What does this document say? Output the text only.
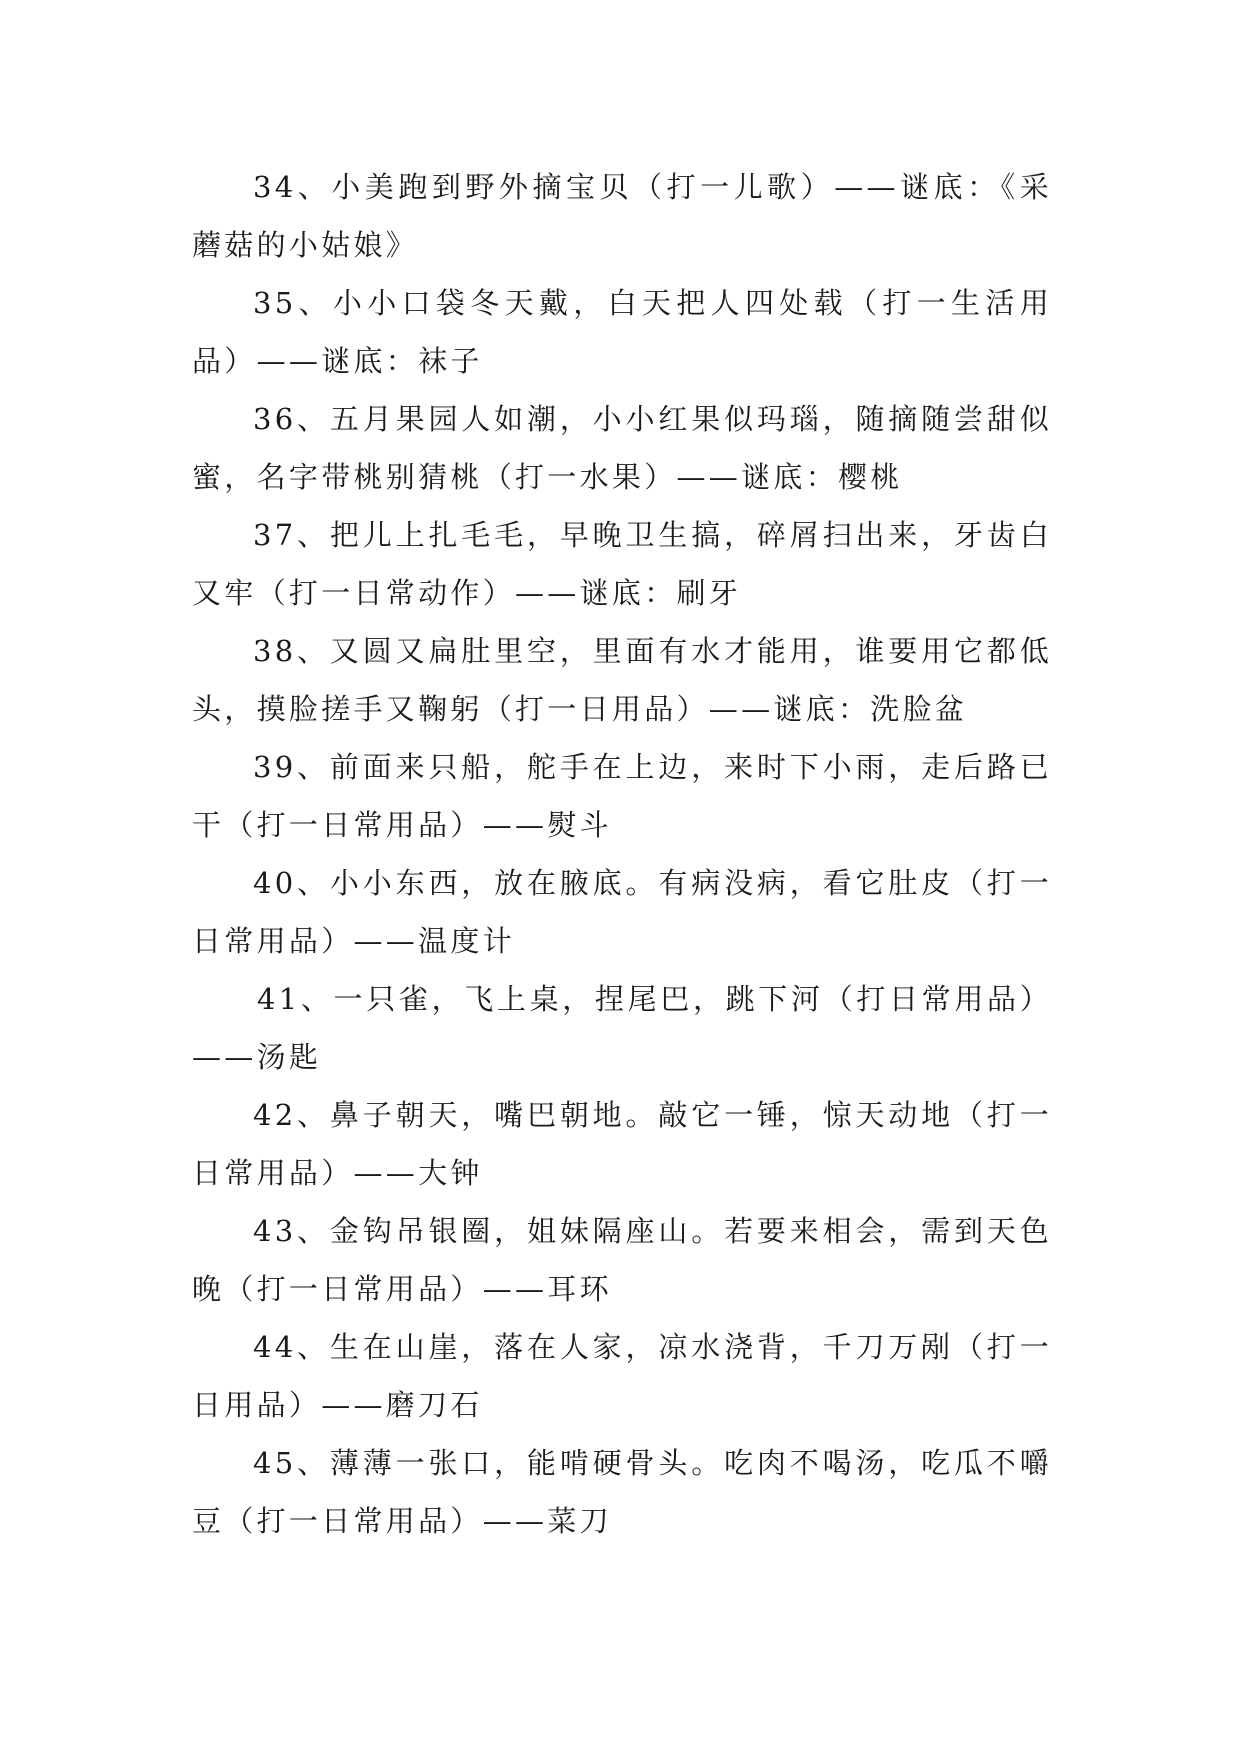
34、小美跑到野外摘宝贝（打一儿歌）——谜底：《采蘑菇的小姑娘》

35、小小口袋冬天戴，白天把人四处载（打一生活用品）——谜底：袜子

36、五月果园人如潮，小小红果似玛瑙，随摘随尝甜似蜜，名字带桃别猜桃（打一水果）——谜底：樱桃

37、把儿上扎毛毛，早晚卫生搞，碎屑扫出来，牙齿白又牢（打一日常动作）——谜底：刷牙

38、又圆又扁肚里空，里面有水才能用，谁要用它都低头，摸脸搓手又鞠躬（打一日用品）——谜底：洗脸盆

39、前面来只船，舵手在上边，来时下小雨，走后路已干（打一日常用品）——熨斗

40、小小东西，放在腋底。有病没病，看它肚皮（打一日常用品）——温度计

41、一只雀，飞上桌，捏尾巴，跳下河（打日常用品）——汤匙

42、鼻子朝天，嘴巴朝地。敲它一锤，惊天动地（打一日常用品）——大钟

43、金钩吊银圈，姐妹隔座山。若要来相会，需到天色晚（打一日常用品）——耳环

44、生在山崖，落在人家，凉水浇背，千刀万剐（打一日用品）——磨刀石

45、薄薄一张口，能啃硬骨头。吃肉不喝汤，吃瓜不嚼豆（打一日常用品）——菜刀
